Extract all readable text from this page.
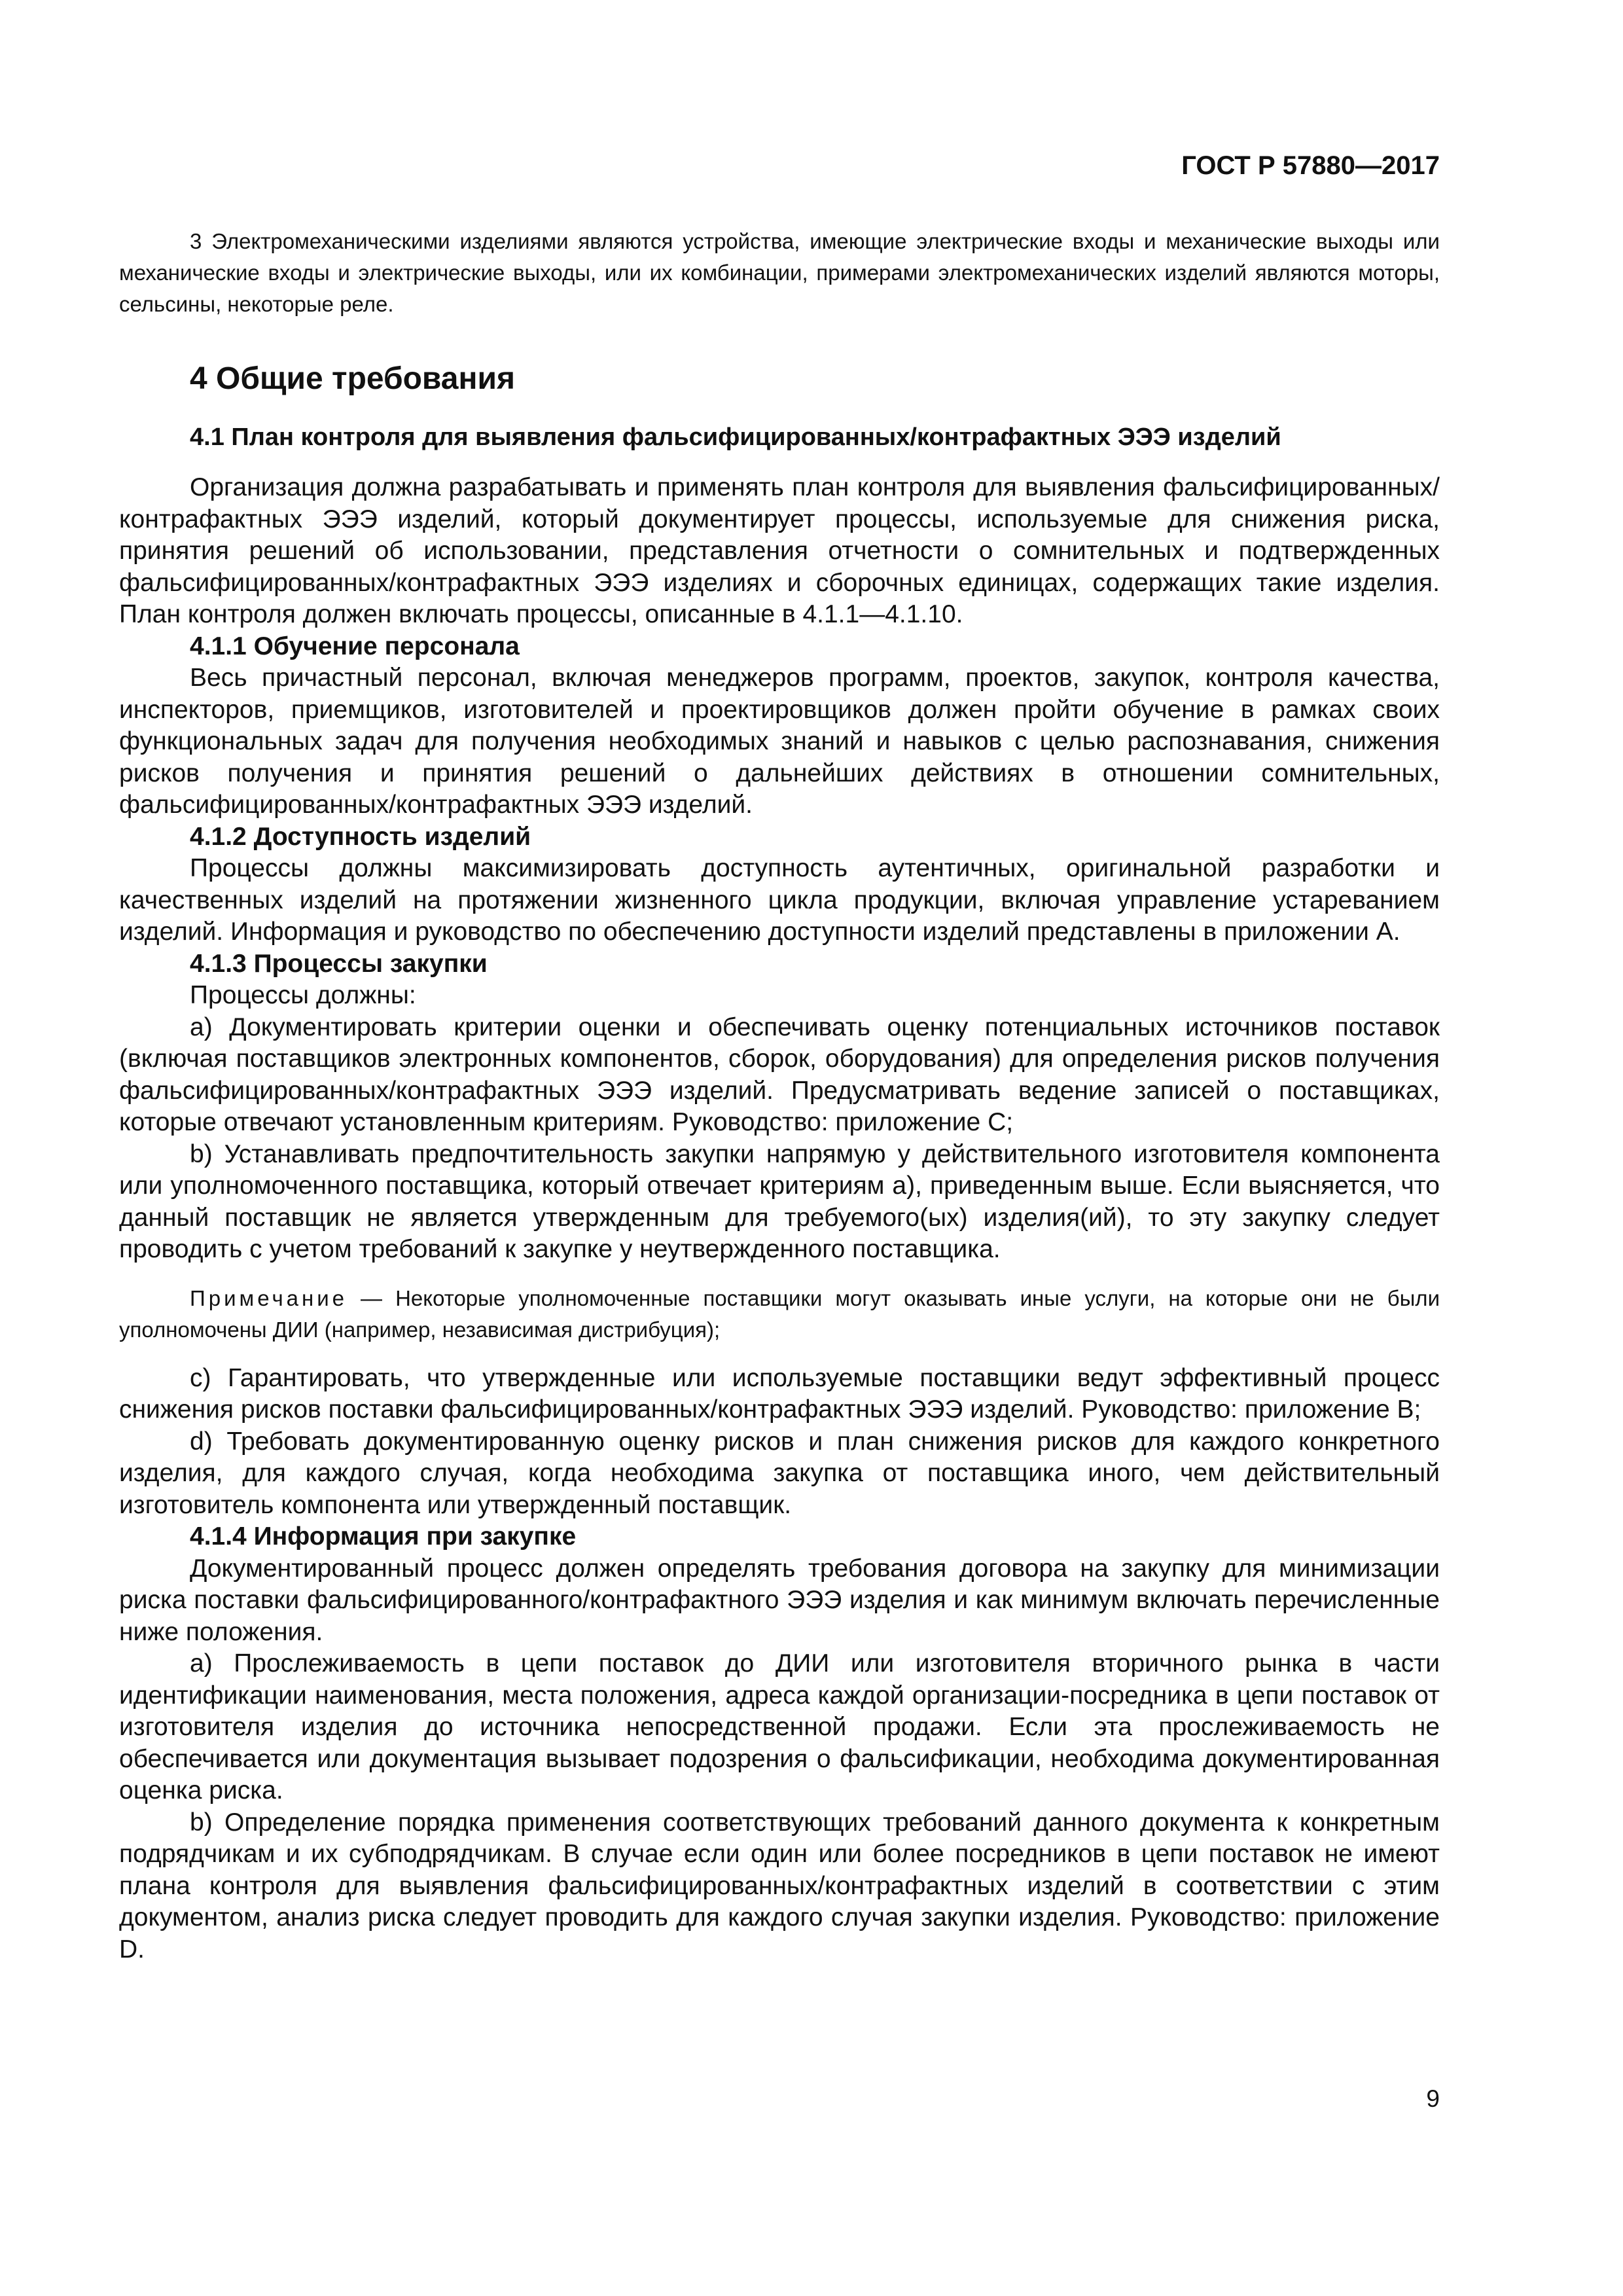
ГОСТ Р 57880—2017

3 Электромеханическими изделиями являются устройства, имеющие электрические входы и механические выходы или механические входы и электрические выходы, или их комбинации, примерами электромеханических изделий являются моторы, сельсины, некоторые реле.

4 Общие требования
4.1 План контроля для выявления фальсифицированных/контрафактных ЭЭЭ изделий

Организация должна разрабатывать и применять план контроля для выявления фальсифицированных/контрафактных ЭЭЭ изделий, который документирует процессы, используемые для снижения риска, принятия решений об использовании, представления отчетности о сомнительных и подтвержденных фальсифицированных/контрафактных ЭЭЭ изделиях и сборочных единицах, содержащих такие изделия. План контроля должен включать процессы, описанные в 4.1.1—4.1.10.

4.1.1 Обучение персонала

Весь причастный персонал, включая менеджеров программ, проектов, закупок, контроля качества, инспекторов, приемщиков, изготовителей и проектировщиков должен пройти обучение в рамках своих функциональных задач для получения необходимых знаний и навыков с целью распознавания, снижения рисков получения и принятия решений о дальнейших действиях в отношении сомнительных, фальсифицированных/контрафактных ЭЭЭ изделий.

4.1.2 Доступность изделий

Процессы должны максимизировать доступность аутентичных, оригинальной разработки и качественных изделий на протяжении жизненного цикла продукции, включая управление устареванием изделий. Информация и руководство по обеспечению доступности изделий представлены в приложении А.

4.1.3 Процессы закупки

Процессы должны:

а) Документировать критерии оценки и обеспечивать оценку потенциальных источников поставок (включая поставщиков электронных компонентов, сборок, оборудования) для определения рисков получения фальсифицированных/контрафактных ЭЭЭ изделий. Предусматривать ведение записей о поставщиках, которые отвечают установленным критериям. Руководство: приложение С;

b) Устанавливать предпочтительность закупки напрямую у действительного изготовителя компонента или уполномоченного поставщика, который отвечает критериям а), приведенным выше. Если выясняется, что данный поставщик не является утвержденным для требуемого(ых) изделия(ий), то эту закупку следует проводить с учетом требований к закупке у неутвержденного поставщика.

Примечание — Некоторые уполномоченные поставщики могут оказывать иные услуги, на которые они не были уполномочены ДИИ (например, независимая дистрибуция);

с) Гарантировать, что утвержденные или используемые поставщики ведут эффективный процесс снижения рисков поставки фальсифицированных/контрафактных ЭЭЭ изделий. Руководство: приложение В;

d) Требовать документированную оценку рисков и план снижения рисков для каждого конкретного изделия, для каждого случая, когда необходима закупка от поставщика иного, чем действительный изготовитель компонента или утвержденный поставщик.

4.1.4 Информация при закупке

Документированный процесс должен определять требования договора на закупку для минимизации риска поставки фальсифицированного/контрафактного ЭЭЭ изделия и как минимум включать перечисленные ниже положения.

а) Прослеживаемость в цепи поставок до ДИИ или изготовителя вторичного рынка в части идентификации наименования, места положения, адреса каждой организации-посредника в цепи поставок от изготовителя изделия до источника непосредственной продажи. Если эта прослеживаемость не обеспечивается или документация вызывает подозрения о фальсификации, необходима документированная оценка риска.

b) Определение порядка применения соответствующих требований данного документа к конкретным подрядчикам и их субподрядчикам. В случае если один или более посредников в цепи поставок не имеют плана контроля для выявления фальсифицированных/контрафактных изделий в соответствии с этим документом, анализ риска следует проводить для каждого случая закупки изделия. Руководство: приложение D.

9
